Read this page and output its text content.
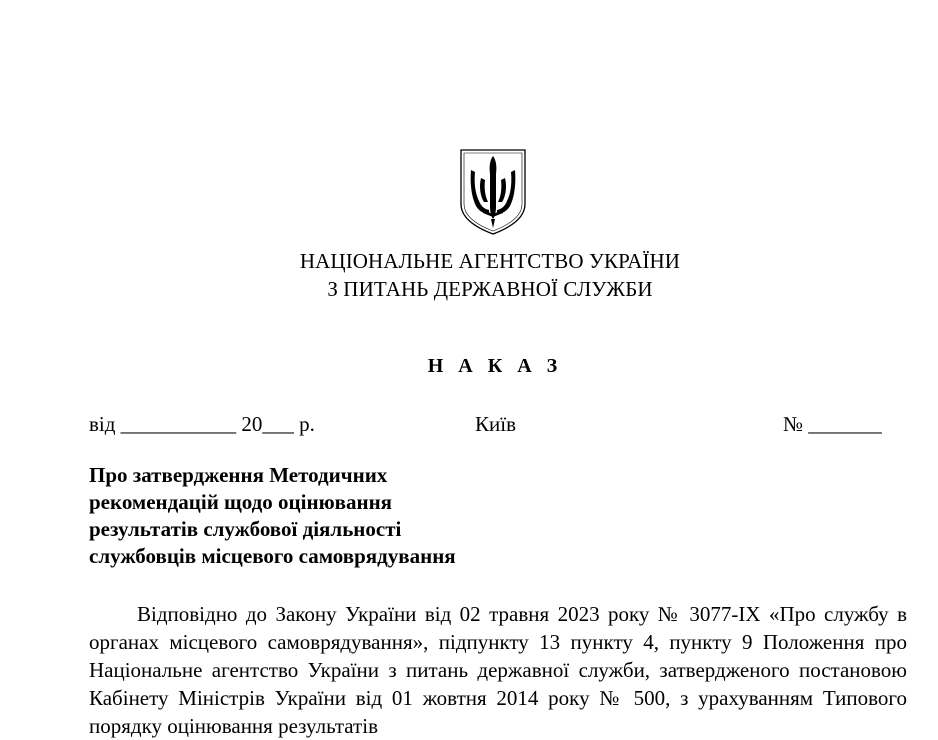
НАЦІОНАЛЬНЕ АГЕНТСТВО УКРАЇНИ
З ПИТАНЬ ДЕРЖАВНОЇ СЛУЖБИ
Н А К А З
від ___________ 20___ р.	Київ	№ _______
Про затвердження Методичних
рекомендацій щодо оцінювання
результатів службової діяльності
службовців місцевого самоврядування

Відповідно до Закону України від 02 травня 2023 року № 3077-IX «Про службу в органах місцевого самоврядування», підпункту 13 пункту 4, пункту 9 Положення про Національне агентство України з питань державної служби, затвердженого постановою Кабінету Міністрів України від 01 жовтня 2014 року № 500, з урахуванням Типового порядку оцінювання результатів
